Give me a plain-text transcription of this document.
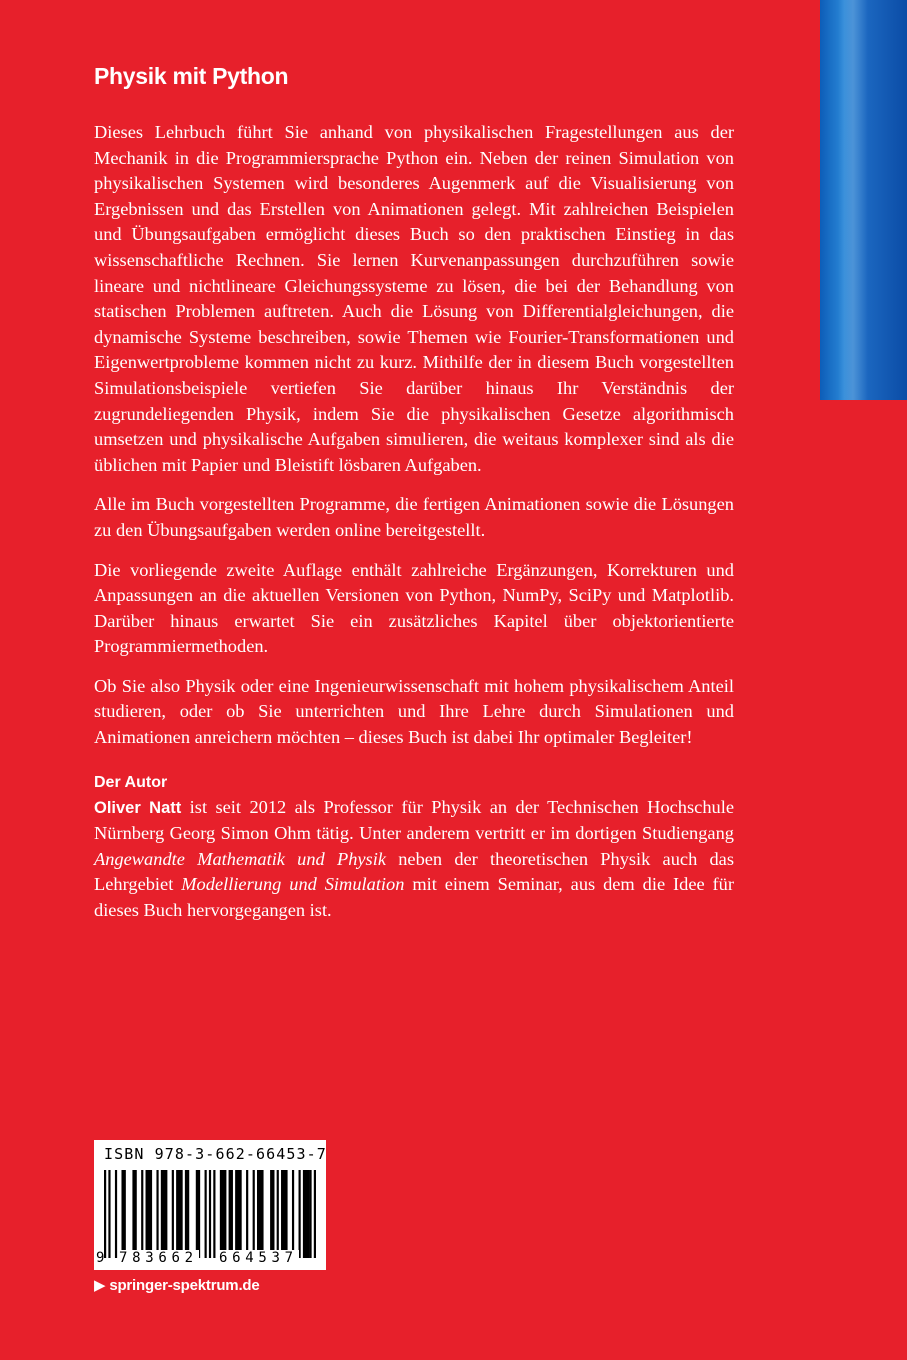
Physik mit Python

Dieses Lehrbuch führt Sie anhand von physikalischen Fragestellungen aus der Mechanik in die Programmiersprache Python ein. Neben der reinen Simulation von physikalischen Systemen wird besonderes Augenmerk auf die Visualisierung von Ergebnissen und das Erstellen von Animationen gelegt. Mit zahlreichen Beispielen und Übungsaufgaben ermöglicht dieses Buch so den praktischen Einstieg in das wissenschaftliche Rechnen. Sie lernen Kurvenanpassungen durchzuführen sowie lineare und nichtlineare Gleichungssysteme zu lösen, die bei der Behandlung von statischen Problemen auftreten. Auch die Lösung von Differentialgleichungen, die dynamische Systeme beschreiben, sowie Themen wie Fourier-Transformationen und Eigenwertprobleme kommen nicht zu kurz. Mithilfe der in diesem Buch vorgestellten Simulationsbeispiele vertiefen Sie darüber hinaus Ihr Verständnis der zugrundeliegenden Physik, indem Sie die physikalischen Gesetze algorithmisch umsetzen und physikalische Aufgaben simulieren, die weitaus komplexer sind als die üblichen mit Papier und Bleistift lösbaren Aufgaben.

Alle im Buch vorgestellten Programme, die fertigen Animationen sowie die Lösungen zu den Übungsaufgaben werden online bereitgestellt.

Die vorliegende zweite Auflage enthält zahlreiche Ergänzungen, Korrekturen und Anpassungen an die aktuellen Versionen von Python, NumPy, SciPy und Matplotlib. Darüber hinaus erwartet Sie ein zusätzliches Kapitel über objektorientierte Programmiermethoden.

Ob Sie also Physik oder eine Ingenieurwissenschaft mit hohem physikalischem Anteil studieren, oder ob Sie unterrichten und Ihre Lehre durch Simulationen und Animationen anreichern möchten – dieses Buch ist dabei Ihr optimaler Begleiter!

Der Autor

Oliver Natt ist seit 2012 als Professor für Physik an der Technischen Hochschule Nürnberg Georg Simon Ohm tätig. Unter anderem vertritt er im dortigen Studiengang Angewandte Mathematik und Physik neben der theoretischen Physik auch das Lehrgebiet Modellierung und Simulation mit einem Seminar, aus dem die Idee für dieses Buch hervorgegangen ist.

ISBN 978-3-662-66453-7
9 783662 664537
▶ springer-spektrum.de
